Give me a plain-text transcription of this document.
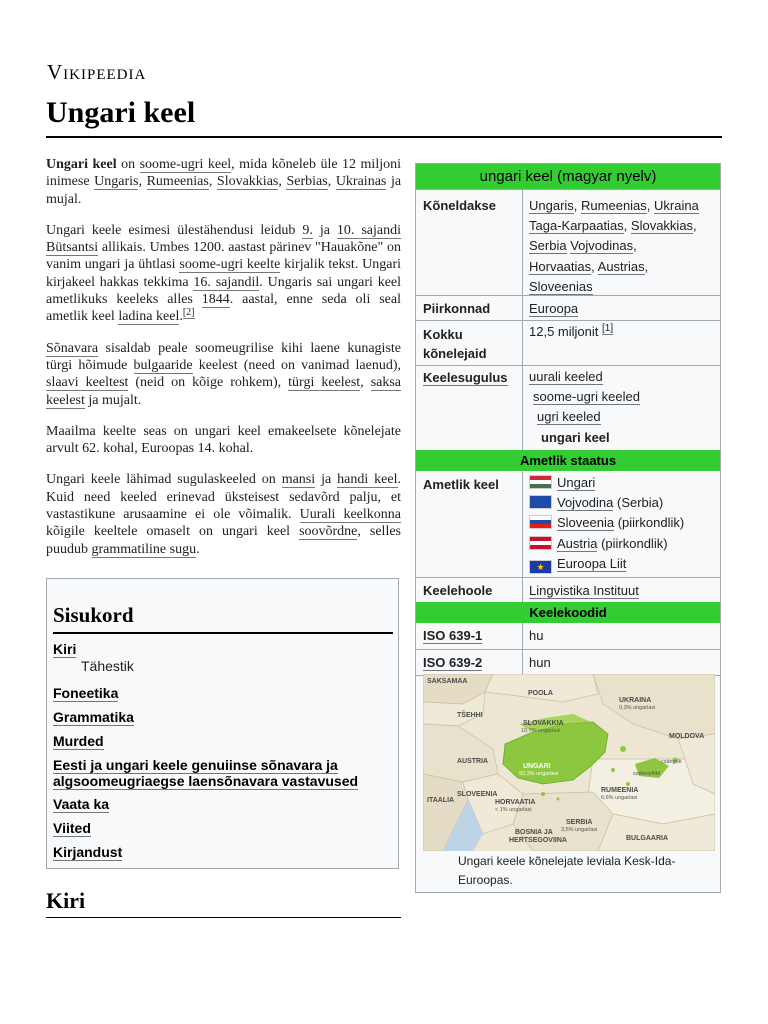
Vikipeedia
Ungari keel

Ungari keel on soome-ugri keel, mida kõneleb üle 12 miljoni inimese Ungaris, Rumeenias, Slovakkias, Serbias, Ukrainas ja mujal.

Ungari keele esimesi ülestähendusi leidub 9. ja 10. sajandi Bütsantsi allikais. Umbes 1200. aastast pärinev "Hauakõne" on vanim ungari ja ühtlasi soome-ugri keelte kirjalik tekst. Ungari kirjakeel hakkas tekkima 16. sajandil. Ungaris sai ungari keel ametlikuks keeleks alles 1844. aastal, enne seda oli seal ametlik keel ladina keel.[2]

Sõnavara sisaldab peale soomeugrilise kihi laene kunagiste türgi hõimude bulgaaride keelest (need on vanimad laenud), slaavi keeltest (neid on kõige rohkem), türgi keelest, saksa keelest ja mujalt.

Maailma keelte seas on ungari keel emakeelsete kõnelejate arvult 62. kohal, Euroopas 14. kohal.

Ungari keele lähimad sugulaskeeled on mansi ja handi keel. Kuid need keeled erinevad üksteisest sedavõrd palju, et vastastikune arusaamine ei ole võimalik. Uurali keelkonna kõigile keeltele omaselt on ungari keel soovõrdne, selles puudub grammatiline sugu.

Sisukord
Kiri
Tähestik
Foneetika
Grammatika
Murded
Eesti ja ungari keele genuiinse sõnavara ja
algsoomeugriaegse laensõnavara vastavused
Vaata ka
Viited
Kirjandust
Kiri
ungari keel (magyar nyelv)
Kõneldakse	Ungaris, Rumeenias, Ukraina
Taga-Karpaatias, Slovakkias,
Serbia Vojvodinas,
Horvaatias, Austrias,
Sloveenias
Piirkonnad	Euroopa
Kokku
kõnelejaid
12,5 miljonit [1]
Keelesugulus	uurali keeled
soome-ugri keeled
ugri keeled
ungari keel
Ametlik staatus
Ametlik keel	Ungari
Vojvodina (Serbia)
Sloveenia (piirkondlik)
Austria (piirkondlik)
★ Euroopa Liit
Keelehoole	Lingvistika Instituut
Keelekoodid
ISO 639-1	hu
ISO 639-2	hun
SAKSAMAA
POOLA
TŠEHHI
UKRAINA
SLOVAKKIA
MOLDOVA
AUSTRIA
UNGARI
SLOVEENIA
RUMEENIA
ITAALIA	HORVAATIA
SERBIA
BOSNIA JA
HERTSEGOVIINA	BULGAARIA
0,3% ungarlasi
10,7% ungarlasi
92,3% ungarlasi
csángók
székelyföld
6,6% ungarlasi
< 1% ungarlasi
3,5% ungarlasi
Ungari keele kõnelejate leviala Kesk-Ida-Euroopas.
